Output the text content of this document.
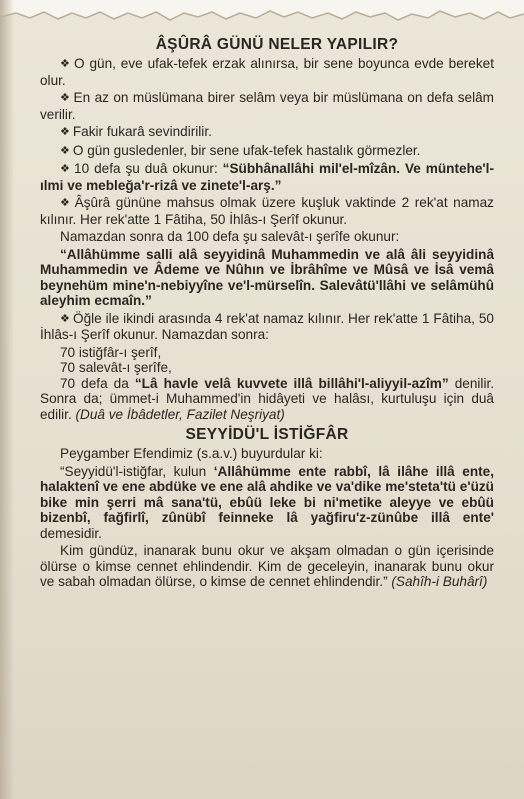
ÂŞÛRÂ GÜNÜ NELER YAPILIR?

❖ O gün, eve ufak-tefek erzak alınırsa, bir sene boyunca evde bereket olur.

❖ En az on müslümana birer selâm veya bir müslümana on defa selâm verilir.

❖ Fakir fukarâ sevindirilir.

❖ O gün gusledenler, bir sene ufak-tefek hastalık görmezler.

❖ 10 defa şu duâ okunur: “Sübhânallâhi mil'el-mîzân. Ve müntehe'l-ılmi ve mebleğa'r-rizâ ve zinete'l-arş.”

❖ Âşûrâ gününe mahsus olmak üzere kuşluk vaktinde 2 rek'at namaz kılınır. Her rek'atte 1 Fâtiha, 50 İhlâs-ı Şerîf okunur.

Namazdan sonra da 100 defa şu salevât-ı şerîfe okunur:

“Allâhümme salli alâ seyyidinâ Muhammedin ve alâ âli seyyidinâ Muhammedin ve Âdeme ve Nûhın ve İbrâhîme ve Mûsâ ve İsâ vemâ beynehüm mine'n-nebiyyîne ve'l-mürselîn. Salevâtü'llâhi ve selâmühû aleyhim ecmaîn.”

❖ Öğle ile ikindi arasında 4 rek'at namaz kılınır. Her rek'atte 1 Fâtiha, 50 İhlâs-ı Şerîf okunur. Namazdan sonra:

70 istiğfâr-ı şerîf,

70 salevât-ı şerîfe,

70 defa da “Lâ havle velâ kuvvete illâ billâhi'l-aliyyil-azîm” denilir. Sonra da; ümmet-i Muhammed'in hidâyeti ve halâsı, kurtuluşu için duâ edilir. (Duâ ve İbâdetler, Fazilet Neşriyat)

SEYYİDÜ'L İSTİĞFÂR

Peygamber Efendimiz (s.a.v.) buyurdular ki:

“Seyyidü'l-istiğfar, kulun ‘Allâhümme ente rabbî, lâ ilâhe illâ ente, halaktenî ve ene abdüke ve ene alâ ahdike ve va'dike me'steta'tü e'üzü bike min şerri mâ sana'tü, ebûü leke bi ni'metike aleyye ve ebûü bizenbî, fağfirlî, zûnübî feinneke lâ yağfiru'z-zünûbe illâ ente' demesidir.

Kim gündüz, inanarak bunu okur ve akşam olmadan o gün içerisinde ölürse o kimse cennet ehlindendir. Kim de geceleyin, inanarak bunu okur ve sabah olmadan ölürse, o kimse de cennet ehlindendir.” (Sahîh-i Buhârî)
